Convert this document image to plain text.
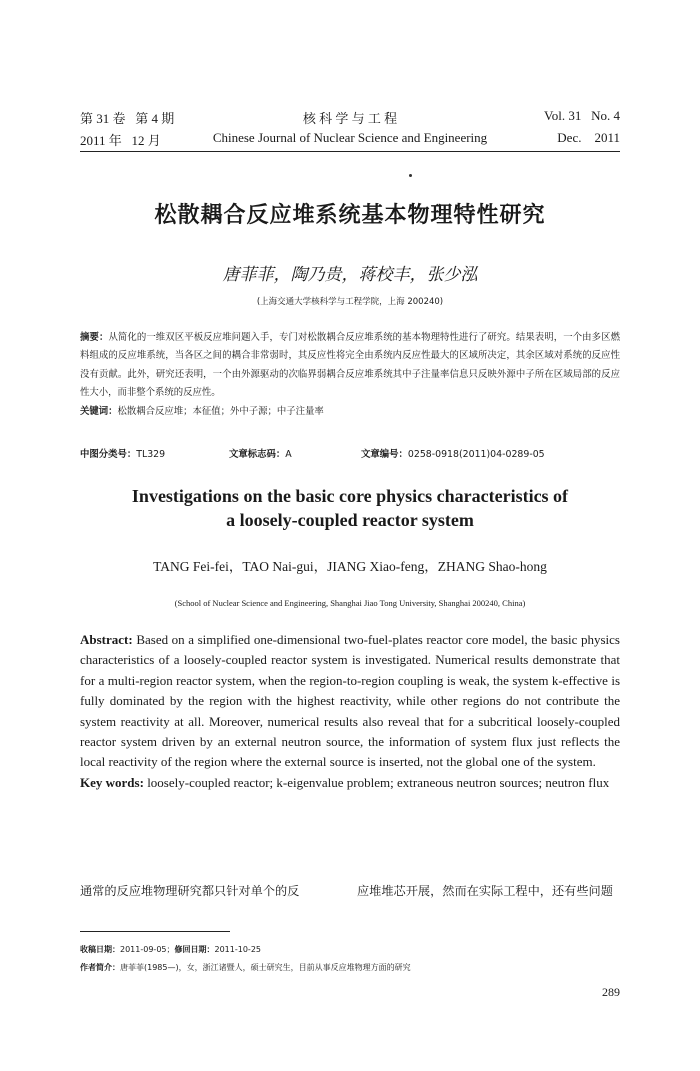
第 31 卷 第 4 期	核 科 学 与 工 程	Vol. 31 No. 4
2011 年 12 月	Chinese Journal of Nuclear Science and Engineering	Dec. 2011
松散耦合反应堆系统基本物理特性研究
唐菲菲，陶乃贵，蒋校丰，张少泓
(上海交通大学核科学与工程学院，上海 200240)
摘要：从简化的一维双区平板反应堆问题入手，专门对松散耦合反应堆系统的基本物理特性进行了研究。结果表明，一个由多区燃料组成的反应堆系统，当各区之间的耦合非常弱时，其反应性将完全由系统内反应性最大的区域所决定，其余区域对系统的反应性没有贡献。此外，研究还表明，一个由外源驱动的次临界弱耦合反应堆系统其中子注量率信息只反映外源中子所在区域局部的反应性大小，而非整个系统的反应性。
关键词：松散耦合反应堆；本征值；外中子源；中子注量率
中图分类号：TL329	文章标志码：A	文章编号：0258-0918(2011)04-0289-05
Investigations on the basic core physics characteristics of
a loosely-coupled reactor system
TANG Fei-fei，TAO Nai-gui，JIANG Xiao-feng，ZHANG Shao-hong
(School of Nuclear Science and Engineering, Shanghai Jiao Tong University, Shanghai 200240, China)
Abstract: Based on a simplified one-dimensional two-fuel-plates reactor core model, the basic physics characteristics of a loosely-coupled reactor system is investigated. Numerical results demonstrate that for a multi-region reactor system, when the region-to-region coupling is weak, the system k-effective is fully dominated by the region with the highest reactivity, while other regions do not contribute the system reactivity at all. Moreover, numerical results also reveal that for a subcritical loosely-coupled reactor system driven by an external neutron source, the information of system flux just reflects the local reactivity of the region where the external source is inserted, not the global one of the system.
Key words: loosely-coupled reactor; k-eigenvalue problem; extraneous neutron sources; neutron flux
通常的反应堆物理研究都只针对单个的反	应堆堆芯开展，然而在实际工程中，还有些问题
收稿日期：2011-09-05；修回日期：2011-10-25
作者简介：唐菲菲(1985—)，女，浙江诸暨人，硕士研究生，目前从事反应堆物理方面的研究
289
